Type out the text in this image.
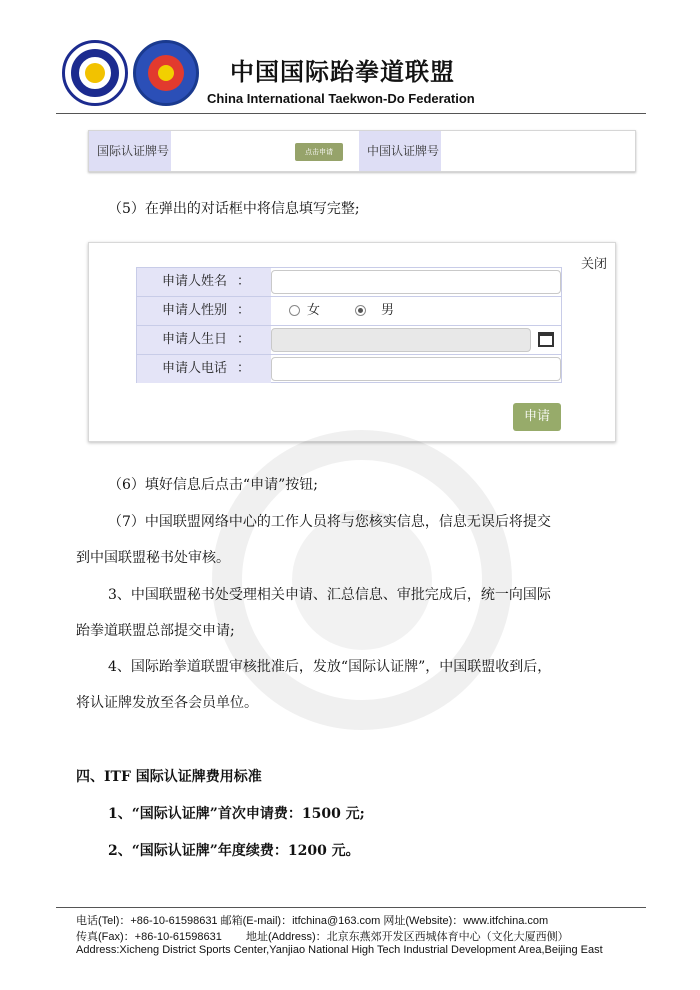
中国国际跆拳道联盟
China International Taekwon-Do Federation
国际认证牌号	点击申请	中国认证牌号
（5）在弹出的对话框中将信息填写完整;
关闭
申请人姓名 ：
申请人性别 ：	女	男
申请人生日 ：
申请人电话 ：
申请
（6）填好信息后点击“申请”按钮;
（7）中国联盟网络中心的工作人员将与您核实信息，信息无误后将提交
到中国联盟秘书处审核。
3、中国联盟秘书处受理相关申请、汇总信息、审批完成后，统一向国际
跆拳道联盟总部提交申请;
4、国际跆拳道联盟审核批准后，发放“国际认证牌”，中国联盟收到后，
将认证牌发放至各会员单位。
四、ITF 国际认证牌费用标准
1、“国际认证牌”首次申请费：1500 元;
2、“国际认证牌”年度续费：1200 元。
电话(Tel)：+86-10-61598631 邮箱(E-mail)：itfchina@163.com 网址(Website)：www.itfchina.com
传真(Fax)：+86-10-61598631 地址(Address)：北京东燕郊开发区西城体育中心（文化大厦西侧）
Address:Xicheng District Sports Center,Yanjiao National High Tech Industrial Development Area,Beijing East
